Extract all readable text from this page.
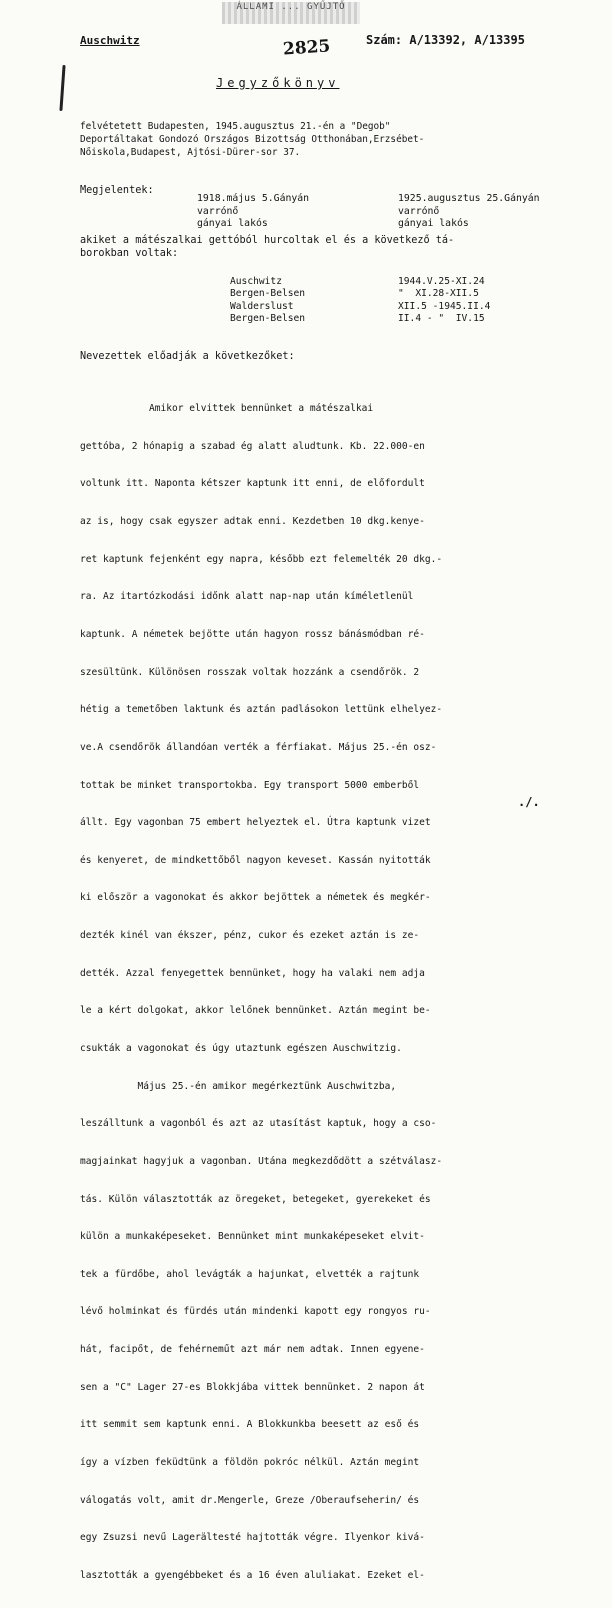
ÁLLAMI ... GYŰJTŐ
2825
Auschwitz	Szám: A/13392, A/13395
Jegyzőkönyv
felvétetett Budapesten, 1945.augusztus 21.-én a "Degob"
Deportáltakat Gondozó Országos Bizottság Otthonában,Erzsébet-
Nőiskola,Budapest, Ajtósi-Dürer-sor 37.
Megjelentek:
1918.május 5.Gányán
varrónő
gányai lakós
1925.augusztus 25.Gányán
varrónő
gányai lakós
akiket a mátészalkai gettóból hurcoltak el és a következő tá-
borokban voltak:
Auschwitz
Bergen-Belsen
Walderslust
Bergen-Belsen
1944.V.25-XI.24
"  XI.28-XII.5
XII.5 -1945.II.4
II.4 - "  IV.15
Nevezettek előadják a következőket:

Amikor elvittek bennünket a mátészalkai

gettóba, 2 hónapig a szabad ég alatt aludtunk. Kb. 22.000-en

voltunk itt. Naponta kétszer kaptunk itt enni, de előfordult

az is, hogy csak egyszer adtak enni. Kezdetben 10 dkg.kenye-

ret kaptunk fejenként egy napra, később ezt felemelték 20 dkg.-

ra. Az itartózkodási időnk alatt nap-nap után kíméletlenül

kaptunk. A németek bejötte után hagyon rossz bánásmódban ré-

szesültünk. Különösen rosszak voltak hozzánk a csendőrök. 2

hétig a temetőben laktunk és aztán padlásokon lettünk elhelyez-

ve.A csendőrök állandóan verték a férfiakat. Május 25.-én osz-

tottak be minket transportokba. Egy transport 5000 emberből

állt. Egy vagonban 75 embert helyeztek el. Útra kaptunk vizet

és kenyeret, de mindkettőből nagyon keveset. Kassán nyitották

ki először a vagonokat és akkor bejöttek a németek és megkér-

dezték kinél van ékszer, pénz, cukor és ezeket aztán is ze-

dették. Azzal fenyegettek bennünket, hogy ha valaki nem adja

le a kért dolgokat, akkor lelőnek bennünket. Aztán megint be-

csukták a vagonokat és úgy utaztunk egészen Auschwitzig.

Május 25.-én amikor megérkeztünk Auschwitzba,

leszálltunk a vagonból és azt az utasítást kaptuk, hogy a cso-

magjainkat hagyjuk a vagonban. Utána megkezdődött a szétválasz-

tás. Külön választották az öregeket, betegeket, gyerekeket és

külön a munkaképeseket. Bennünket mint munkaképeseket elvit-

tek a fürdőbe, ahol levágták a hajunkat, elvették a rajtunk

lévő holminkat és fürdés után mindenki kapott egy rongyos ru-

hát, facipőt, de fehérneműt azt már nem adtak. Innen egyene-

sen a "C" Lager 27-es Blokkjába vittek bennünket. 2 napon át

itt semmit sem kaptunk enni. A Blokkunkba beesett az eső és

így a vízben feküdtünk a földön pokróc nélkül. Aztán megint

válogatás volt, amit dr.Mengerle, Greze /Oberaufseherin/ és

egy Zsuzsi nevű Lagerältesté hajtották végre. Ilyenkor kivá-

lasztották a gyengébbeket és a 16 éven aluliakat. Ezeket el-

./.
